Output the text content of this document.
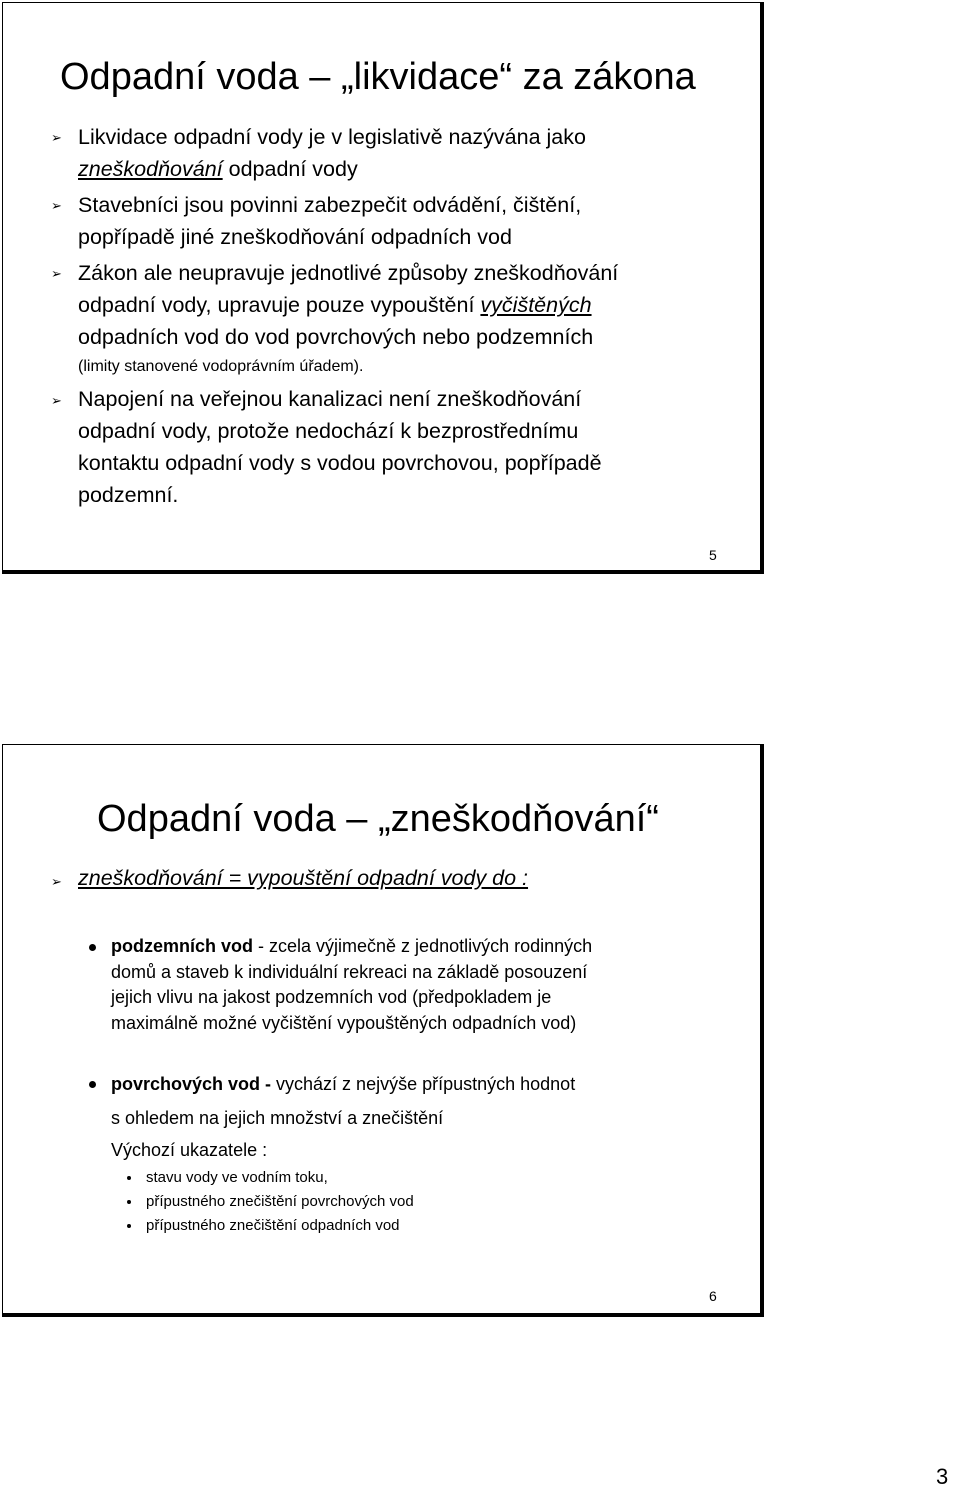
Odpadní voda – „likvidace“ za zákona
➢ Likvidace odpadní vody je v legislativě nazývána jako
zneškodňování odpadní vody
➢ Stavebníci jsou povinni zabezpečit odvádění, čištění,
popřípadě jiné zneškodňování odpadních vod
➢ Zákon ale neupravuje jednotlivé způsoby zneškodňování
odpadní vody, upravuje pouze vypouštění vyčištěných
odpadních vod do vod povrchových nebo podzemních
(limity stanovené vodoprávním úřadem).
➢ Napojení na veřejnou kanalizaci není zneškodňování
odpadní vody, protože nedochází k bezprostřednímu
kontaktu odpadní vody s vodou povrchovou, popřípadě
podzemní.
5
Odpadní voda – „zneškodňování“
➢ zneškodňování = vypouštění odpadní vody do :
podzemních vod - zcela výjimečně z jednotlivých rodinných
domů a staveb k individuální rekreaci na základě posouzení
jejich vlivu na jakost podzemních vod (předpokladem je
maximálně možné vyčištění vypouštěných odpadních vod)
povrchových vod - vychází z nejvýše přípustných hodnot
s ohledem na jejich množství a znečištění
Výchozí ukazatele :
stavu vody ve vodním toku,
přípustného znečištění povrchových vod
přípustného znečištění odpadních vod
6
3
